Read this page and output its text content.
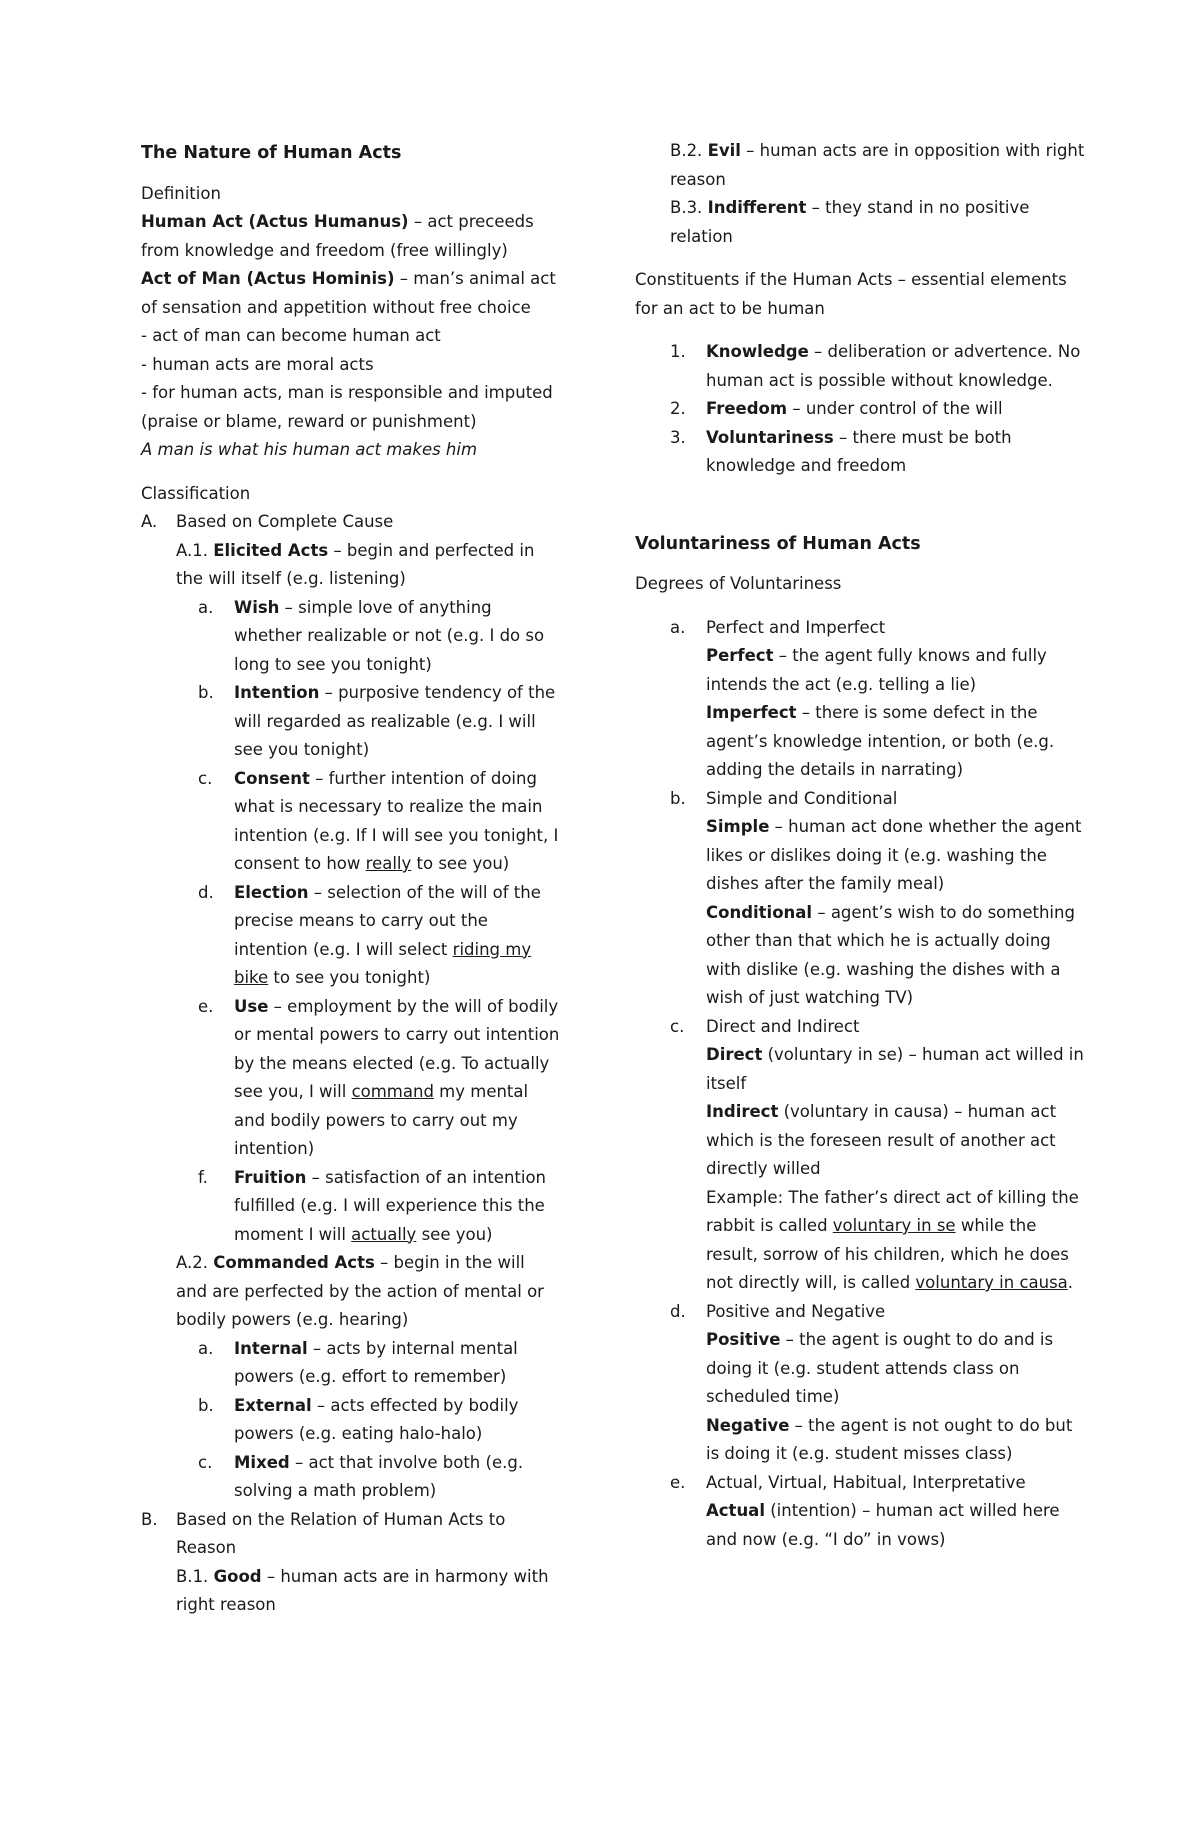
The Nature of Human Acts

Definition

Human Act (Actus Humanus) – act preceeds from knowledge and freedom (free willingly)

Act of Man (Actus Hominis) – man’s animal act of sensation and appetition without free choice

- act of man can become human act

- human acts are moral acts

- for human acts, man is responsible and imputed (praise or blame, reward or punishment)

A man is what his human act makes him

Classification

A.	Based on Complete Cause

A.1. Elicited Acts – begin and perfected in the will itself (e.g. listening)

a.	Wish – simple love of anything whether realizable or not (e.g. I do so long to see you tonight)
b.	Intention – purposive tendency of the will regarded as realizable (e.g. I will see you tonight)
c.	Consent – further intention of doing what is necessary to realize the main intention (e.g. If I will see you tonight, I consent to how really to see you)
d.	Election – selection of the will of the precise means to carry out the intention (e.g. I will select riding my bike to see you tonight)
e.	Use – employment by the will of bodily or mental powers to carry out intention by the means elected (e.g. To actually see you, I will command my mental and bodily powers to carry out my intention)
f.	Fruition – satisfaction of an intention fulfilled (e.g. I will experience this the moment I will actually see you)

A.2. Commanded Acts – begin in the will and are perfected by the action of mental or bodily powers (e.g. hearing)

a.	Internal – acts by internal mental powers (e.g. effort to remember)
b.	External – acts effected by bodily powers (e.g. eating halo-halo)
c.	Mixed – act that involve both (e.g. solving a math problem)
B.	Based on the Relation of Human Acts to Reason

B.1. Good – human acts are in harmony with right reason

B.2. Evil – human acts are in opposition with right reason

B.3. Indifferent – they stand in no positive relation

Constituents if the Human Acts – essential elements for an act to be human

1.	Knowledge – deliberation or advertence. No human act is possible without knowledge.
2.	Freedom – under control of the will
3.	Voluntariness – there must be both knowledge and freedom

Voluntariness of Human Acts

Degrees of Voluntariness

a.	Perfect and Imperfect
Perfect – the agent fully knows and fully intends the act (e.g. telling a lie)
Imperfect – there is some defect in the agent’s knowledge intention, or both (e.g. adding the details in narrating)
b.	Simple and Conditional
Simple – human act done whether the agent likes or dislikes doing it (e.g. washing the dishes after the family meal)
Conditional – agent’s wish to do something other than that which he is actually doing with dislike (e.g. washing the dishes with a wish of just watching TV)
c.	Direct and Indirect
Direct (voluntary in se) – human act willed in itself
Indirect (voluntary in causa) – human act which is the foreseen result of another act directly willed
Example: The father’s direct act of killing the rabbit is called voluntary in se while the result, sorrow of his children, which he does not directly will, is called voluntary in causa.
d.	Positive and Negative
Positive – the agent is ought to do and is doing it (e.g. student attends class on scheduled time)
Negative – the agent is not ought to do but is doing it (e.g. student misses class)
e.	Actual, Virtual, Habitual, Interpretative
Actual (intention) – human act willed here and now (e.g. “I do” in vows)
